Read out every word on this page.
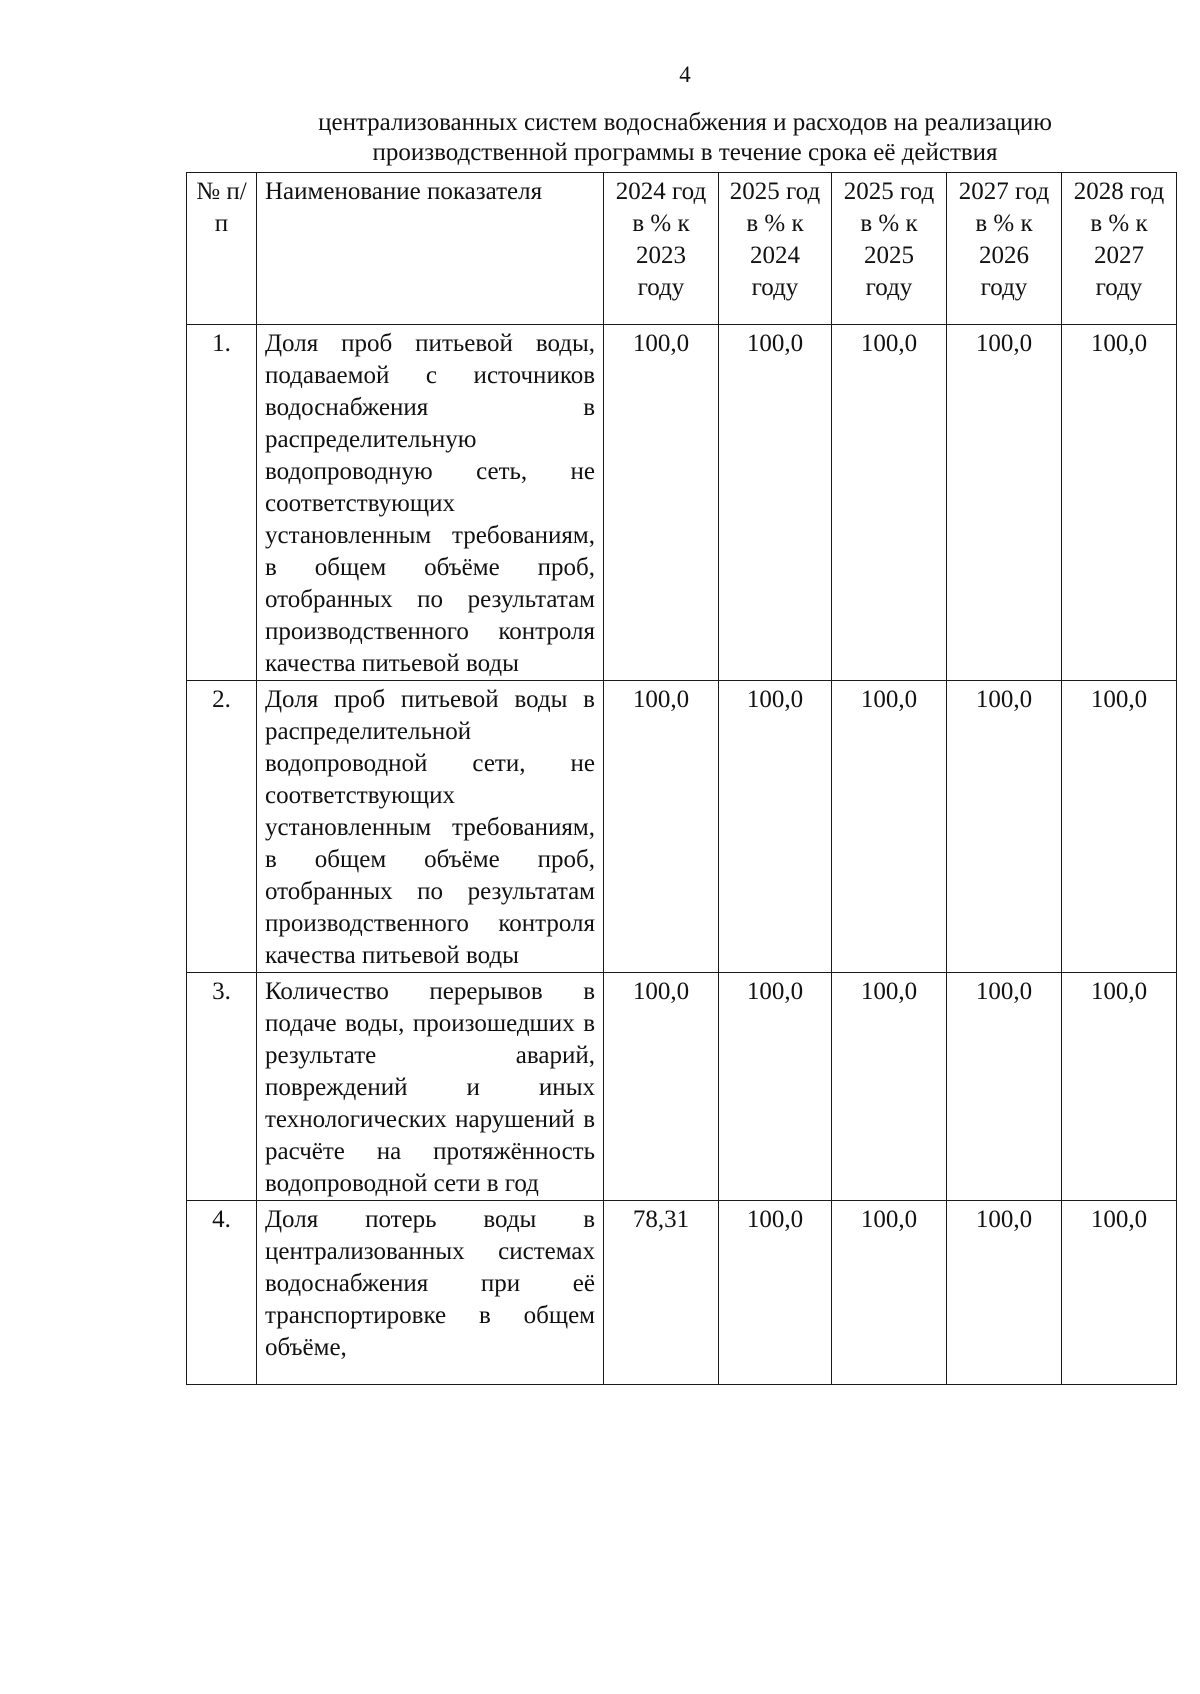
4
централизованных систем водоснабжения и расходов на реализацию
производственной программы в течение срока её действия
№ п/п	Наименование показателя	2024 год в % к 2023 году	2025 год в % к 2024 году	2025 год в % к 2025 году	2027 год в % к 2026 году	2028 год в % к 2027 году
1.	Доля проб питьевой воды, подаваемой с источников водоснабжения в распределительную водопроводную сеть, не соответствующих установленным требованиям, в общем объёме проб, отобранных по результатам производственного контроля качества питьевой воды	100,0	100,0	100,0	100,0	100,0
2.	Доля проб питьевой воды в распределительной водопроводной сети, не соответствующих установленным требованиям, в общем объёме проб, отобранных по результатам производственного контроля качества питьевой воды	100,0	100,0	100,0	100,0	100,0
3.	Количество перерывов в подаче воды, произошедших в результате аварий, повреждений и иных технологических нарушений в расчёте на протяжённость водопроводной сети в год	100,0	100,0	100,0	100,0	100,0
4.	Доля потерь воды в централизованных системах водоснабжения при её транспортировке в общем объёме,	78,31	100,0	100,0	100,0	100,0
